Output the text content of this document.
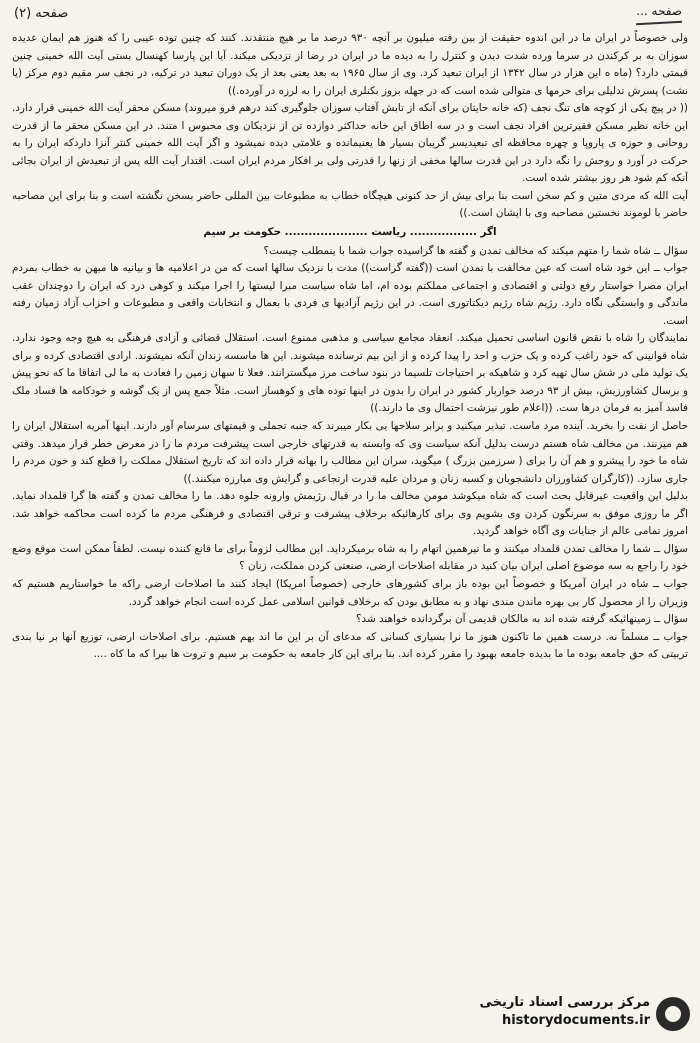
صفحه (۲)	صفحه ...

ولی خصوصاً در ایران ما در این اندوه حقیقت از بین رفته میلیون بر آنچه ۹۳۰ درصد ما بر هیچ منتقدند. کنند که چنین توده عیبی را که هنوز هم ایمان عدیده سوزان به بر کرکندن در سرما ورده شدت دیدن و کنترل را به دیده ما در ایران در رضا از نزدیکی میکند. آیا این پارسا کهنسال بستی آیت الله خمینی چنین قیمتی دارد؟ (ماه ه این هزار در سال ۱۳۴۲ از ایران تبعید کرد. وی از سال ۱۹۶۵ به بعد یعنی بعد از یک دوران تبعید در ترکیه، در نجف سر مقیم دوم مرکز (یا نشت) پسرش تدلیلی برای حرمها ی متوالی شده است که در جهله بروز بکنلری ایران را به لرزه در آورده.))

(( در پیچ یکی از کوچه های تنگ نجف (که خانه حایتان برای آنکه از تابش آفتاب سوزان جلوگیری کند درهم فرو میروند) مسکن محقر آیت الله خمینی قرار دارد. این خانه نظیر مسکن فقیرترین افراد نجف است و در سه اطاق این خانه حداکثر دوازده تن از نزدیکان وی محبوس ا متند. در این مسکن محقر ما از قدرت روحانی و حوزه ی پاروپا و چهره محافظه ای تبعیدیسر گریبان بسیار ها یعنیمانده و علامتی دیده نمیشود و اگر آیت الله خمینی کنتر آنزا داردکه ایران را به حرکت در آورد و روحش را نگه دارد در این قدرت سالها مخفی از زنها را قدرتی ولی بر افکار مردم ایران است. اقتدار آیت الله پس از تبعیدش از ایران بجائی آنکه کم شود هر روز بیشتر شده است.

آیت الله که مردی متین و کم سخن است بنا برای بیش از حد کنونی هیچگاه خطاب به مطبوعات بین المللی حاضر بسخن نگشته است و بنا برای این مصاحبه حاضر با لوموند نخستین مصاحبه وی با ایشان است.))

اگر ................. ریاست ..................... حکومت بر سیم

سؤال ــ شاه شما را متهم میکند که مخالف تمدن و گفته ها گراسیده جواب شما با ینمطلب چیست؟

جواب ــ این خود شاه است که عین مخالفت با تمدن است ((گفته گراست)) مدت با نزدیک سالها است که من در اعلامیه ها و بیانیه ها میهن به خطاب بمردم ایران مصرا خواستار رفع دولتی و اقتصادی و اجتماعی مملکتم بوده ام، اما شاه سیاست مبرا لیستها را اجرا میکند و کوهی درد که ایران را دوچندان عقب ماندگی و وابستگی نگاه دارد. رژیم شاه رژیم دیکتاتوری است. در این رژیم آزادیها ی فردی با بعمال و انتخابات واقعی و مطبوعات و احزاب آزاد زمیان رفته است.

نمایندگان را شاه با نقض قانون اساسی تحمیل میکند. انعقاد مجامع سیاسی و مذهبی ممنوع است. استقلال قضائی و آزادی فرهنگی به هیچ وجه وجود ندارد. شاه قوانینی که خود راغب کرده و یک حزب و احد را پیدا کرده و از این بیم ترسانده میشوند. این ها ماسسه زندان آنکه نمیشوند. ارادی اقتصادی کرده و برای یک تولید ملی در شش سال تهیه کرد و شاهیکه بر احتیاجات تلسیما در بنود ساخت مرز میگسترانند. فعلا تا سهان زمین را فعادت به ما لی اتفاقا ما که نحو پیش و برسال کشاورزیش، بیش از ۹۳ درصد خواربار کشور در ایران را بدون در اینها توده های و کوهساز است. مثلاً جمع پس از یک گوشه و خودکامه ها فساد ملک فاسد آمیز به فرمان درها ست. ((اعلام طور نیزشت احتمال وی ما دارند.))

حاصل از نفت را بخرید. آینده مرد ماست. تبذیر میکنید و برابر سلاحها یی بکار میبرند که جنبه تجملی و قیمتهای سرسام آور دارند. اینها آمریه استقلال ایران را هم میزنند. من مخالف شاه هستم درست بدلیل آنکه سیاست وی که وابسته به قدرتهای خارجی است پیشرفت مردم ما را در معرض خطر قرار میدهد. وقتی شاه ما خود را پیشرو و هم آن را برای ( سرزمین بزرگ ) میگوید، سران این مطالب را بهانه قرار داده اند که تاریخ استقلال مملکت را قطع کند و خون مردم را جاری سازد. ((کارگران کشاورزان دانشجویان و کسبه زنان و مردان علیه قدرت ارتجاعی و گرایش وی مبارزه میکنند.))

بدلیل این واقعیت عیرقابل بحث است که شاه میکوشد مومن مخالف ما را در قبال رژیمش وارونه جلوه دهد. ما را مخالف تمدن و گفته ها گرا قلمداد نماید. اگر ما روزی موفق به سرنگون کردن وی بشویم وی برای کارهائیکه برخلاف پیشرفت و ترقی اقتصادی و فرهنگی مردم ما کرده است محاکمه خواهد شد. امروز تمامی عالم از جنایات وی آگاه خواهد گردید.

سؤال ــ شما را مخالف تمدن قلمداد میکنند و ما تیرهمین اتهام را به شاه برمیکرداید. این مطالب لزوماً برای ما قانع کننده نیست. لطفاً ممکن است موقع وضع خود را راجع به سه موضوع اصلی ایران بیان کنید در مقابله اصلاحات ارضی، صنعتی کردن مملکت، زنان ؟

جواب ــ شاه در ایران آمریکا و خصوصاً این بوده باز برای کشورهای خارجی (خصوصاً امریکا) ایجاد کنند ما اصلاحات ارضی راکه ما خواستاریم هستیم که وزیران را از محصول کار بی بهره ماندن مندی نهاد و به مطابق بودن که برخلاف قوانین اسلامی عمل کرده است انجام خواهد گردد.

سؤال ــ زمینهائیکه گرفته شده اند به مالکان قدیمی آن برگردانده خواهند شد؟

جواب ــ مسلماً نه. درست همین ما تاکنون هنوز ما نرا بسیاری کسانی که مدعای آن بر این ما اند بهم هستیم. برای اصلاحات ارضی، توزیع آنها بر نیا بندی تربیتی که حق جامعه بوده ما ما بدیده جامعه بهبود را مقرر کرده اند. بنا برای این کار جامعه به حکومت بر سیم و تروت ها بیرا که ما کاه ....

مرکز بررسی اسناد تاریخی
historydocuments.ir
